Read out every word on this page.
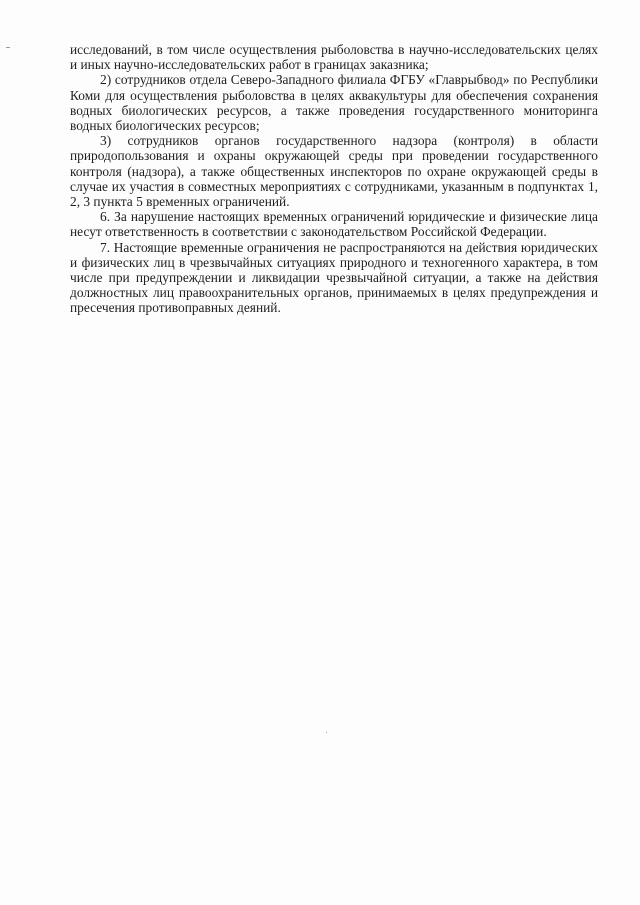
исследований, в том числе осуществления рыболовства в научно-исследовательских целях и иных научно-исследовательских работ в границах заказника;

2) сотрудников отдела Северо-Западного филиала ФГБУ «Главрыбвод» по Республики Коми для осуществления рыболовства в целях аквакультуры для обеспечения сохранения водных биологических ресурсов, а также проведения государственного мониторинга водных биологических ресурсов;

3) сотрудников органов государственного надзора (контроля) в области природопользования и охраны окружающей среды при проведении государственного контроля (надзора), а также общественных инспекторов по охране окружающей среды в случае их участия в совместных мероприятиях с сотрудниками, указанным в подпунктах 1, 2, 3 пункта 5 временных ограничений.

6. За нарушение настоящих временных ограничений юридические и физические лица несут ответственность в соответствии с законодательством Российской Федерации.

7. Настоящие временные ограничения не распространяются на действия юридических и физических лиц в чрезвычайных ситуациях природного и техногенного характера, в том числе при предупреждении и ликвидации чрезвычайной ситуации, а также на действия должностных лиц правоохранительных органов, принимаемых в целях предупреждения и пресечения противоправных деяний.
